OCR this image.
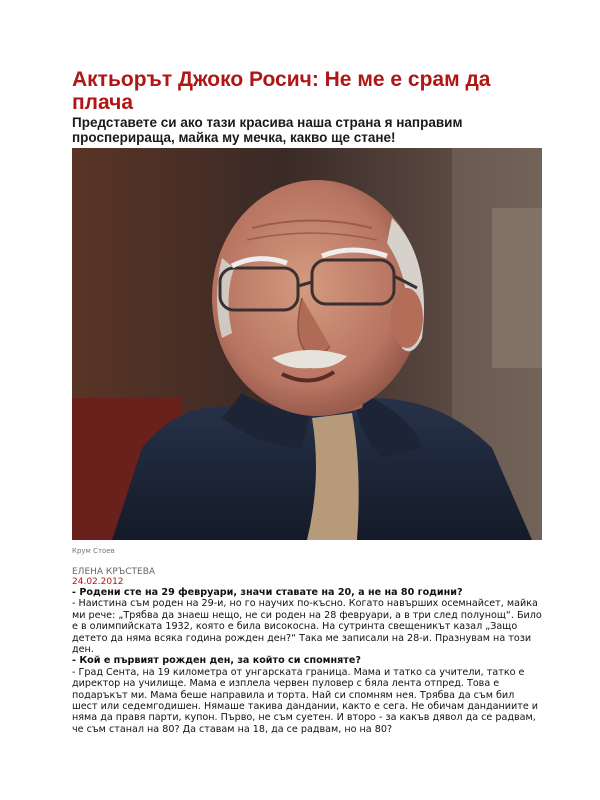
Актьорът Джоко Росич: Не ме е срам да плача
Представете си ако тази красива наша страна я направим просперираща, майка му мечка, какво ще стане!
Крум Стоев
ЕЛЕНА КРЪСТЕВА
24.02.2012

- Родени сте на 29 февруари, значи ставате на 20, а не на 80 години?

- Наистина съм роден на 29-и, но го научих по-късно. Когато навърших осемнайсет, майка ми рече: „Трябва да знаеш нещо, не си роден на 28 февруари, а в три след полунощ“. Било е в олимпийската 1932, която е била високосна. На сутринта свещеникът казал „Защо детето да няма всяка година рожден ден?“ Така ме записали на 28-и. Празнувам на този ден.

- Кой е първият рожден ден, за който си спомняте?

- Град Сента, на 19 километра от унгарската граница. Мама и татко са учители, татко е директор на училище. Мама е изплела червен пуловер с бяла лента отпред. Това е подаръкът ми. Мама беше направила и торта. Най си спомням нея. Трябва да съм бил шест или седемгодишен. Нямаше такива дандании, както е сега. Не обичам дандaниите и няма да правя парти, купон. Първо, не съм суетен. И второ - за какъв дявол да се радвам, че съм станал на 80? Да ставам на 18, да се радвам, но на 80?
